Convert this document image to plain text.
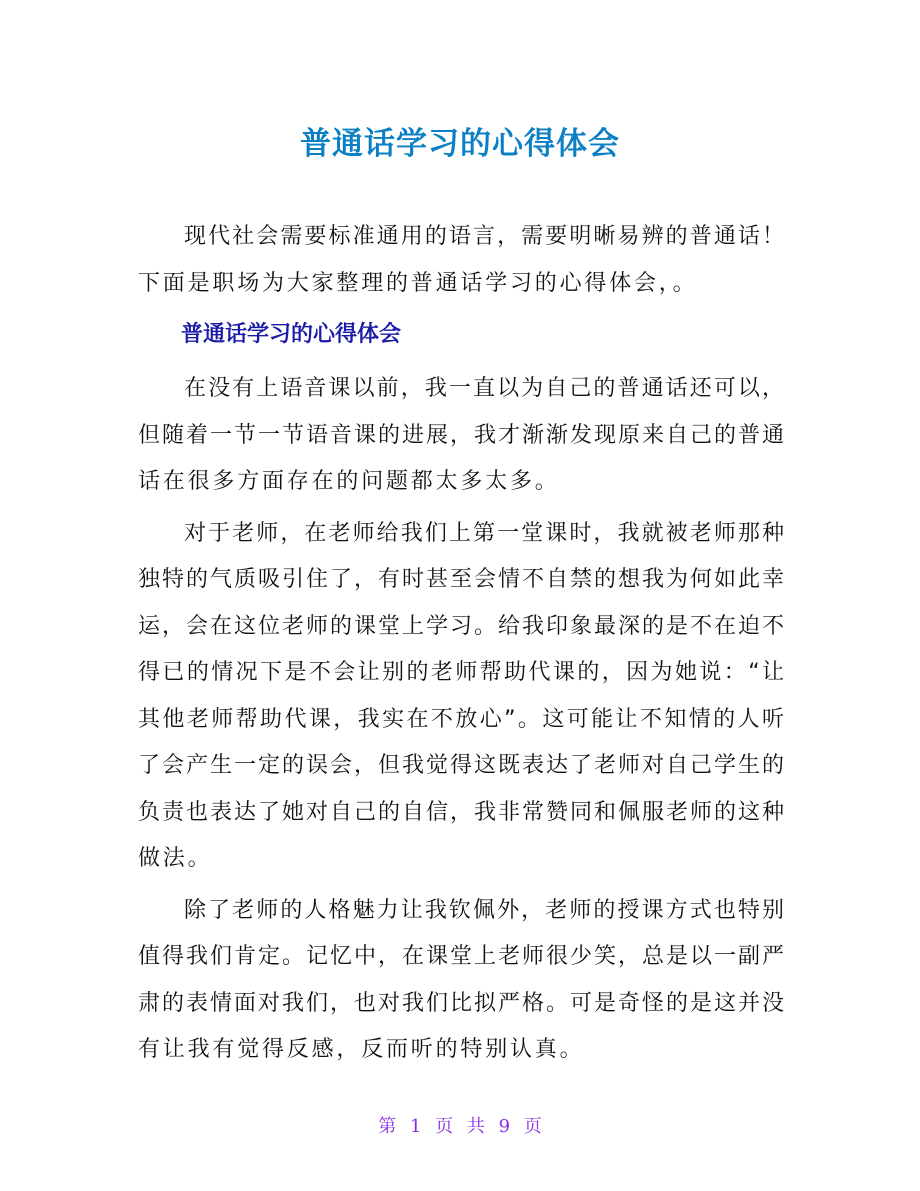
普通话学习的心得体会
现代社会需要标准通用的语言，需要明晰易辨的普通话！
下面是职场为大家整理的普通话学习的心得体会，。
普通话学习的心得体会
在没有上语音课以前，我一直以为自己的普通话还可以，
但随着一节一节语音课的进展，我才渐渐发现原来自己的普通
话在很多方面存在的问题都太多太多。
对于老师，在老师给我们上第一堂课时，我就被老师那种
独特的气质吸引住了，有时甚至会情不自禁的想我为何如此幸
运，会在这位老师的课堂上学习。给我印象最深的是不在迫不
得已的情况下是不会让别的老师帮助代课的，因为她说：“让
其他老师帮助代课，我实在不放心”。这可能让不知情的人听
了会产生一定的误会，但我觉得这既表达了老师对自己学生的
负责也表达了她对自己的自信，我非常赞同和佩服老师的这种
做法。
除了老师的人格魅力让我钦佩外，老师的授课方式也特别
值得我们肯定。记忆中，在课堂上老师很少笑，总是以一副严
肃的表情面对我们，也对我们比拟严格。可是奇怪的是这并没
有让我有觉得反感，反而听的特别认真。
第 1 页 共 9 页
